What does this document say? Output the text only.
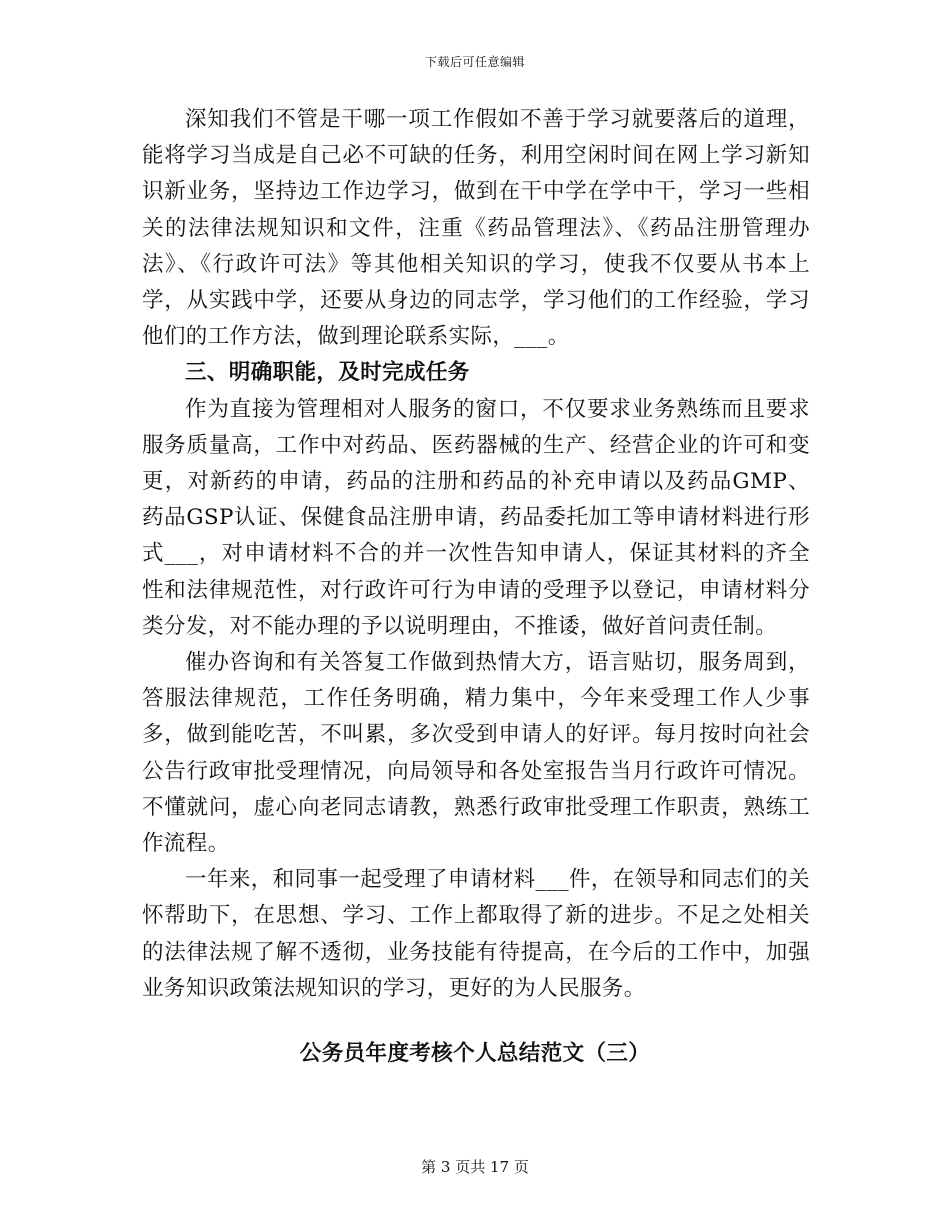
下载后可任意编辑

深知我们不管是干哪一项工作假如不善于学习就要落后的道理，能将学习当成是自己必不可缺的任务，利用空闲时间在网上学习新知识新业务，坚持边工作边学习，做到在干中学在学中干，学习一些相关的法律法规知识和文件，注重《药品管理法》、《药品注册管理办法》、《行政许可法》等其他相关知识的学习，使我不仅要从书本上学，从实践中学，还要从身边的同志学，学习他们的工作经验，学习他们的工作方法，做到理论联系实际，___。

三、明确职能，及时完成任务

作为直接为管理相对人服务的窗口，不仅要求业务熟练而且要求服务质量高，工作中对药品、医药器械的生产、经营企业的许可和变更，对新药的申请，药品的注册和药品的补充申请以及药品GMP、药品GSP认证、保健食品注册申请，药品委托加工等申请材料进行形式___，对申请材料不合的并一次性告知申请人，保证其材料的齐全性和法律规范性，对行政许可行为申请的受理予以登记，申请材料分类分发，对不能办理的予以说明理由，不推诿，做好首问责任制。

催办咨询和有关答复工作做到热情大方，语言贴切，服务周到，答服法律规范，工作任务明确，精力集中，今年来受理工作人少事多，做到能吃苦，不叫累，多次受到申请人的好评。每月按时向社会公告行政审批受理情况，向局领导和各处室报告当月行政许可情况。不懂就问，虚心向老同志请教，熟悉行政审批受理工作职责，熟练工作流程。

一年来，和同事一起受理了申请材料___件，在领导和同志们的关怀帮助下，在思想、学习、工作上都取得了新的进步。不足之处相关的法律法规了解不透彻，业务技能有待提高，在今后的工作中，加强业务知识政策法规知识的学习，更好的为人民服务。

公务员年度考核个人总结范文（三）
第 3 页共 17 页
